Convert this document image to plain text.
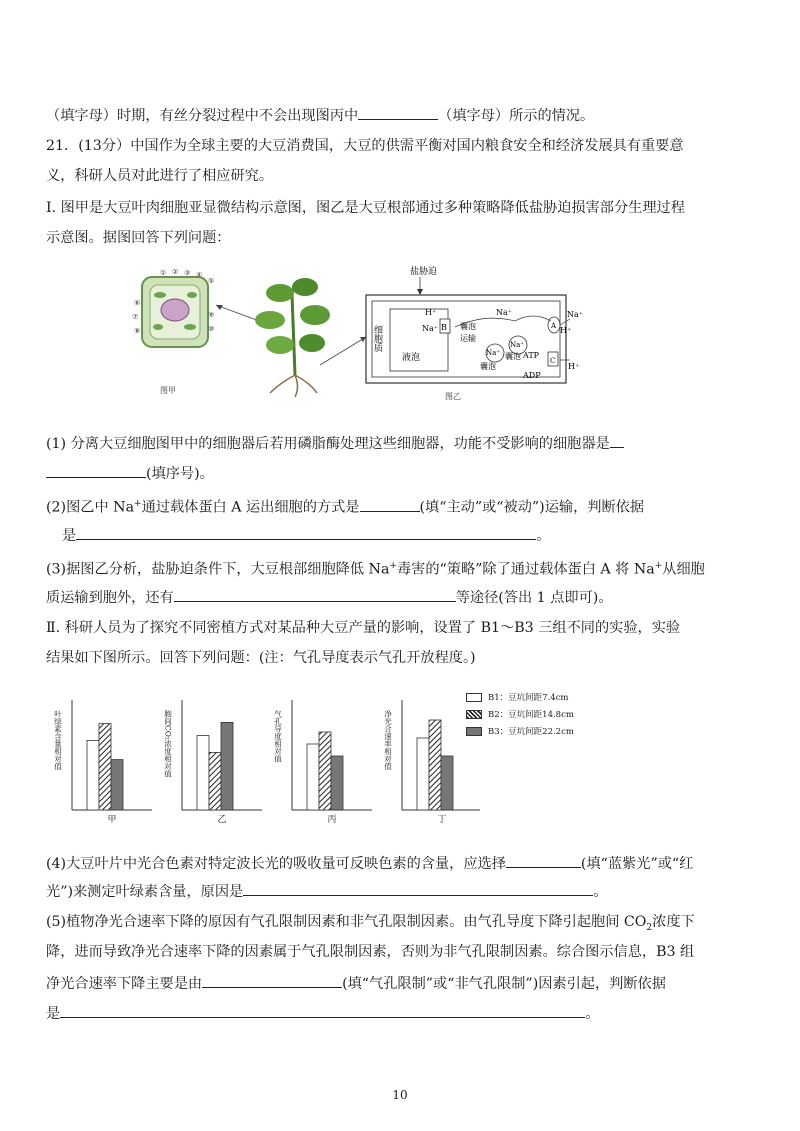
（填字母）时期，有丝分裂过程中不会出现图丙中	（填字母）所示的情况。
21．(13分）中国作为全球主要的大豆消费国，大豆的供需平衡对国内粮食安全和经济发展具有重要意
义，科研人员对此进行了相应研究。
I. 图甲是大豆叶肉细胞亚显微结构示意图，图乙是大豆根部通过多种策略降低盐胁迫损害部分生理过程
示意图。据图回答下列问题：
① ② ③ ④
⑤
⑥
⑦
⑧
⑨
⑩
图甲
盐胁迫
细胞质
液泡
H⁺
Na⁺ B 囊泡
运输
Na⁺
Na⁺
Na⁺
囊泡
囊泡
A
C
Na⁺
H⁺
ATP
ADP
H⁺
图乙
(1) 分离大豆细胞图甲中的细胞器后若用磷脂酶处理这些细胞器，功能不受影响的细胞器是
(填序号)。
(2)图乙中 Na+通过载体蛋白 A 运出细胞的方式是	(填“主动”或“被动”)运输，判断依据
是	。
(3)据图乙分析，盐胁迫条件下，大豆根部细胞降低 Na+毒害的“策略”除了通过载体蛋白 A 将 Na+从细胞
质运输到胞外，还有	等途径(答出 1 点即可)。
Ⅱ. 科研人员为了探究不同密植方式对某品种大豆产量的影响，设置了 B1～B3 三组不同的实验，实验
结果如下图所示。回答下列问题：(注：气孔导度表示气孔开放程度。)
叶绿素含量相对值
甲
胞间CO₂浓度相对值
乙
气孔导度相对值
丙
净光合速率相对值
丁
B1：豆坑间距7.4cm
B2：豆坑间距14.8cm
B3：豆坑间距22.2cm
(4)大豆叶片中光合色素对特定波长光的吸收量可反映色素的含量，应选择	(填“蓝紫光”或“红
光”)来测定叶绿素含量，原因是	。
(5)植物净光合速率下降的原因有气孔限制因素和非气孔限制因素。由气孔导度下降引起胞间 $CO_2$浓度下
降，进而导致净光合速率下降的因素属于气孔限制因素，否则为非气孔限制因素。综合图示信息，B3 组
净光合速率下降主要是由	(填“气孔限制”或“非气孔限制”)因素引起，判断依据
是	。
10
